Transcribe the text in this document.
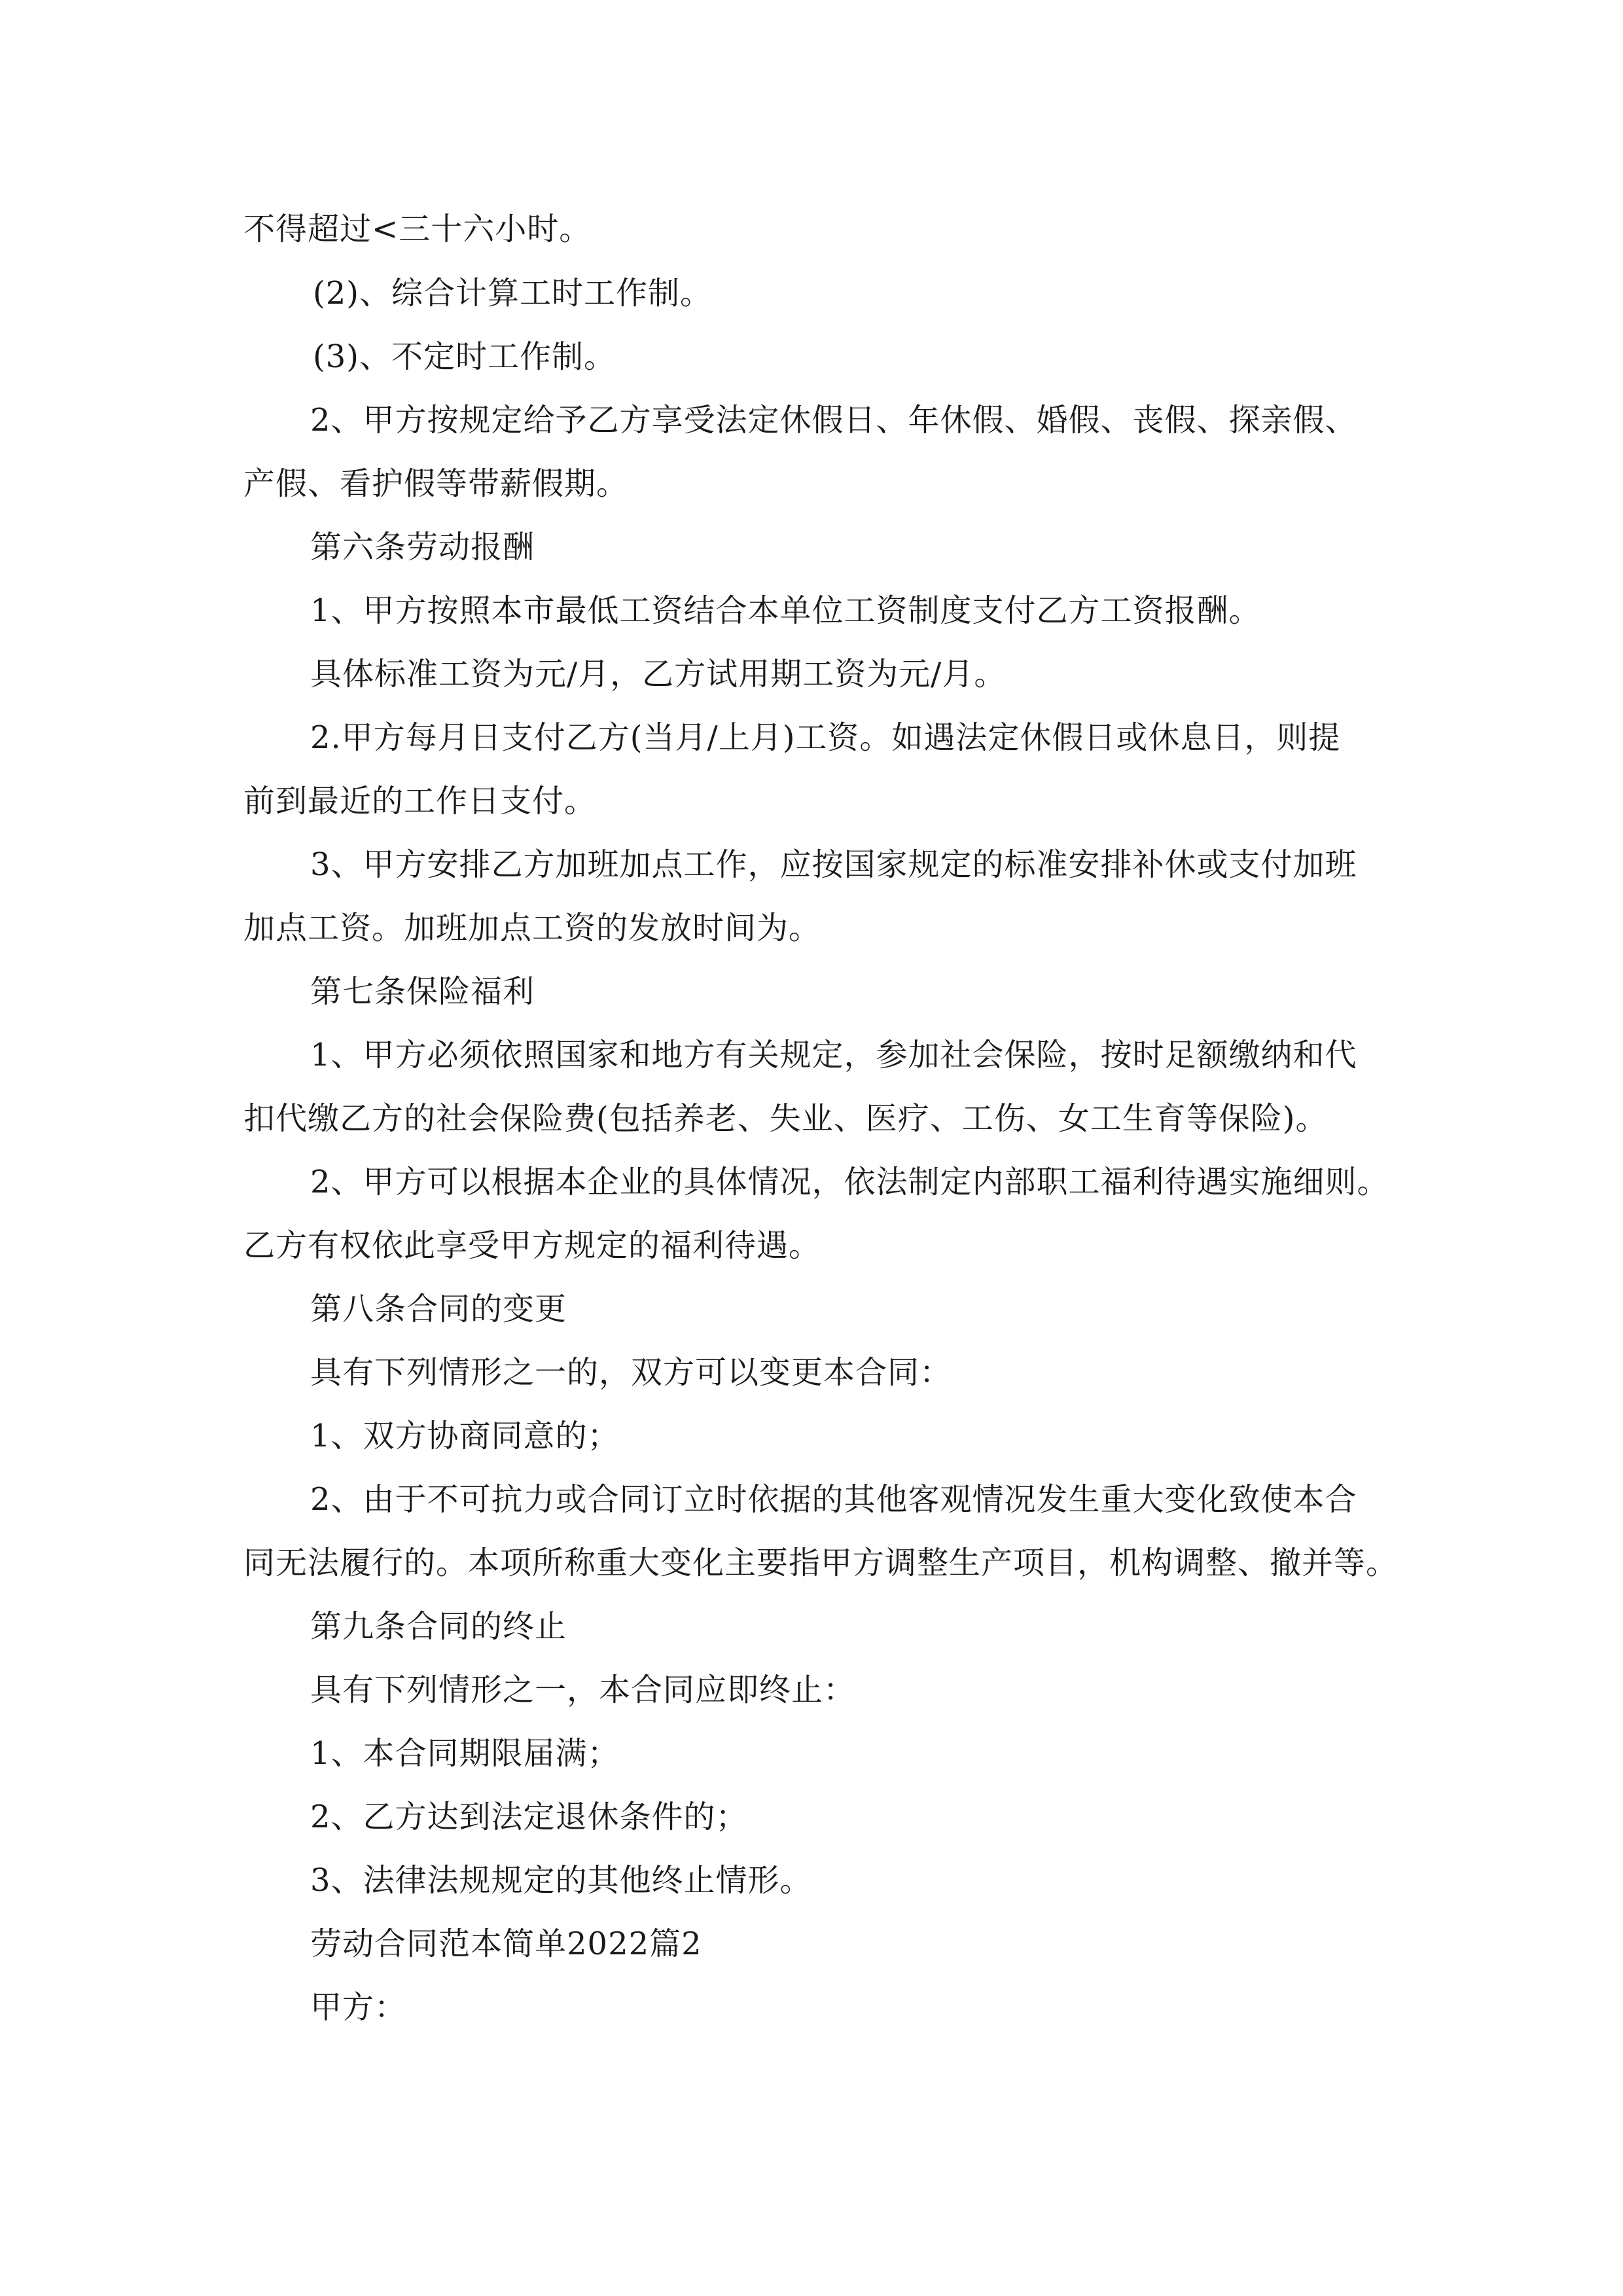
不得超过<三十六小时。
(2)、综合计算工时工作制。
(3)、不定时工作制。
2、甲方按规定给予乙方享受法定休假日、年休假、婚假、丧假、探亲假、
产假、看护假等带薪假期。
第六条劳动报酬
1、甲方按照本市最低工资结合本单位工资制度支付乙方工资报酬。
具体标准工资为元/月，乙方试用期工资为元/月。
2.甲方每月日支付乙方(当月/上月)工资。如遇法定休假日或休息日，则提
前到最近的工作日支付。
3、甲方安排乙方加班加点工作，应按国家规定的标准安排补休或支付加班
加点工资。加班加点工资的发放时间为。
第七条保险福利
1、甲方必须依照国家和地方有关规定，参加社会保险，按时足额缴纳和代
扣代缴乙方的社会保险费(包括养老、失业、医疗、工伤、女工生育等保险)。
2、甲方可以根据本企业的具体情况，依法制定内部职工福利待遇实施细则。
乙方有权依此享受甲方规定的福利待遇。
第八条合同的变更
具有下列情形之一的，双方可以变更本合同：
1、双方协商同意的；
2、由于不可抗力或合同订立时依据的其他客观情况发生重大变化致使本合
同无法履行的。本项所称重大变化主要指甲方调整生产项目，机构调整、撤并等。
第九条合同的终止
具有下列情形之一，本合同应即终止：
1、本合同期限届满；
2、乙方达到法定退休条件的；
3、法律法规规定的其他终止情形。
劳动合同范本简单2022篇2
甲方：
